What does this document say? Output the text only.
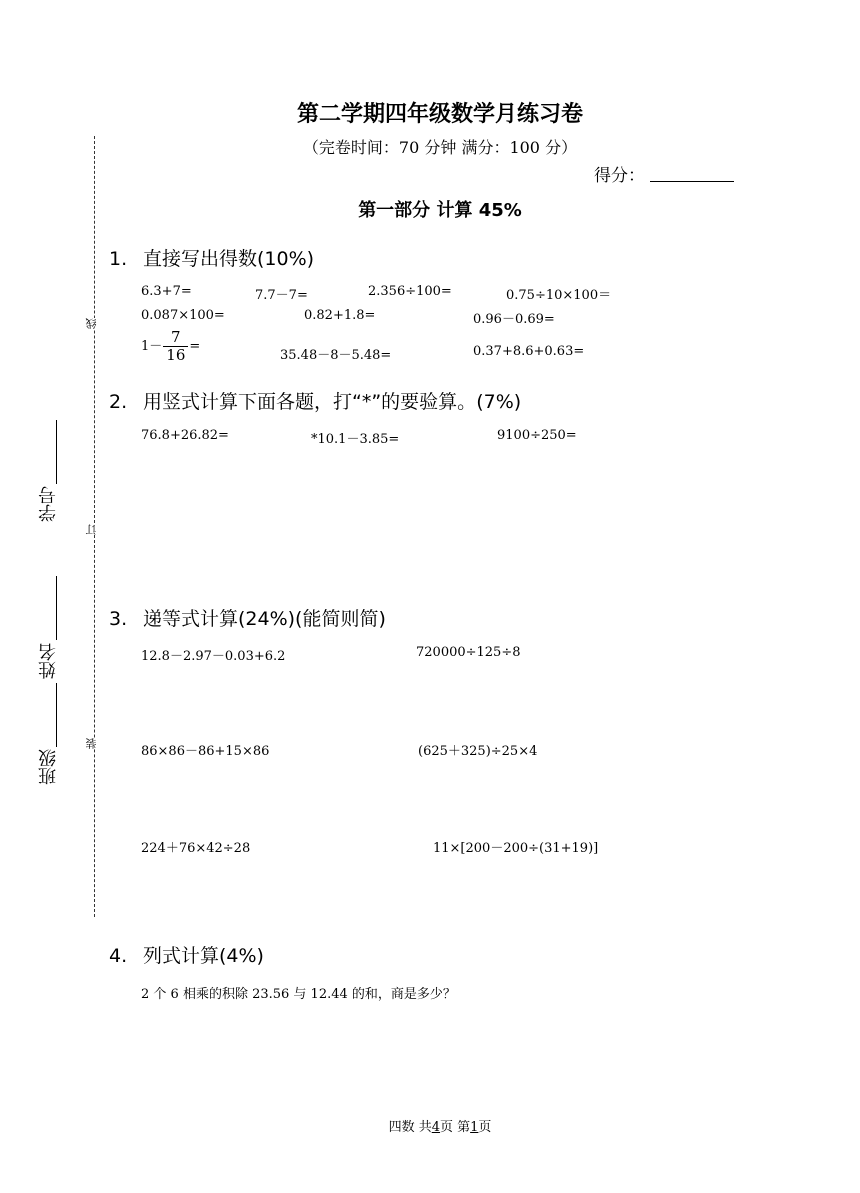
第二学期四年级数学月练习卷
（完卷时间：70 分钟 满分：100 分）
得分：
第一部分 计算 45%
线
订
装
学号
姓名
班级
1. 直接写出得数(10%)
6.3+7=	7.7－7=	2.356÷100=	0.75÷10×100＝
0.087×100=	0.82+1.8=	0.96－0.69=
$1- \frac{7}{16}$ =
35.48－8－5.48=	0.37+8.6+0.63=
2. 用竖式计算下面各题，打“*”的要验算。(7%)
76.8+26.82=	*10.1－3.85=	9100÷250=
3. 递等式计算(24%)(能简则简)
12.8－2.97－0.03+6.2	720000÷125÷8
86×86－86+15×86	(625＋325)÷25×4
224＋76×42÷28	11×[200－200÷(31+19)]
4. 列式计算(4%)
2 个 6 相乘的积除 23.56 与 12.44 的和，商是多少？
四数 共4页 第1页
